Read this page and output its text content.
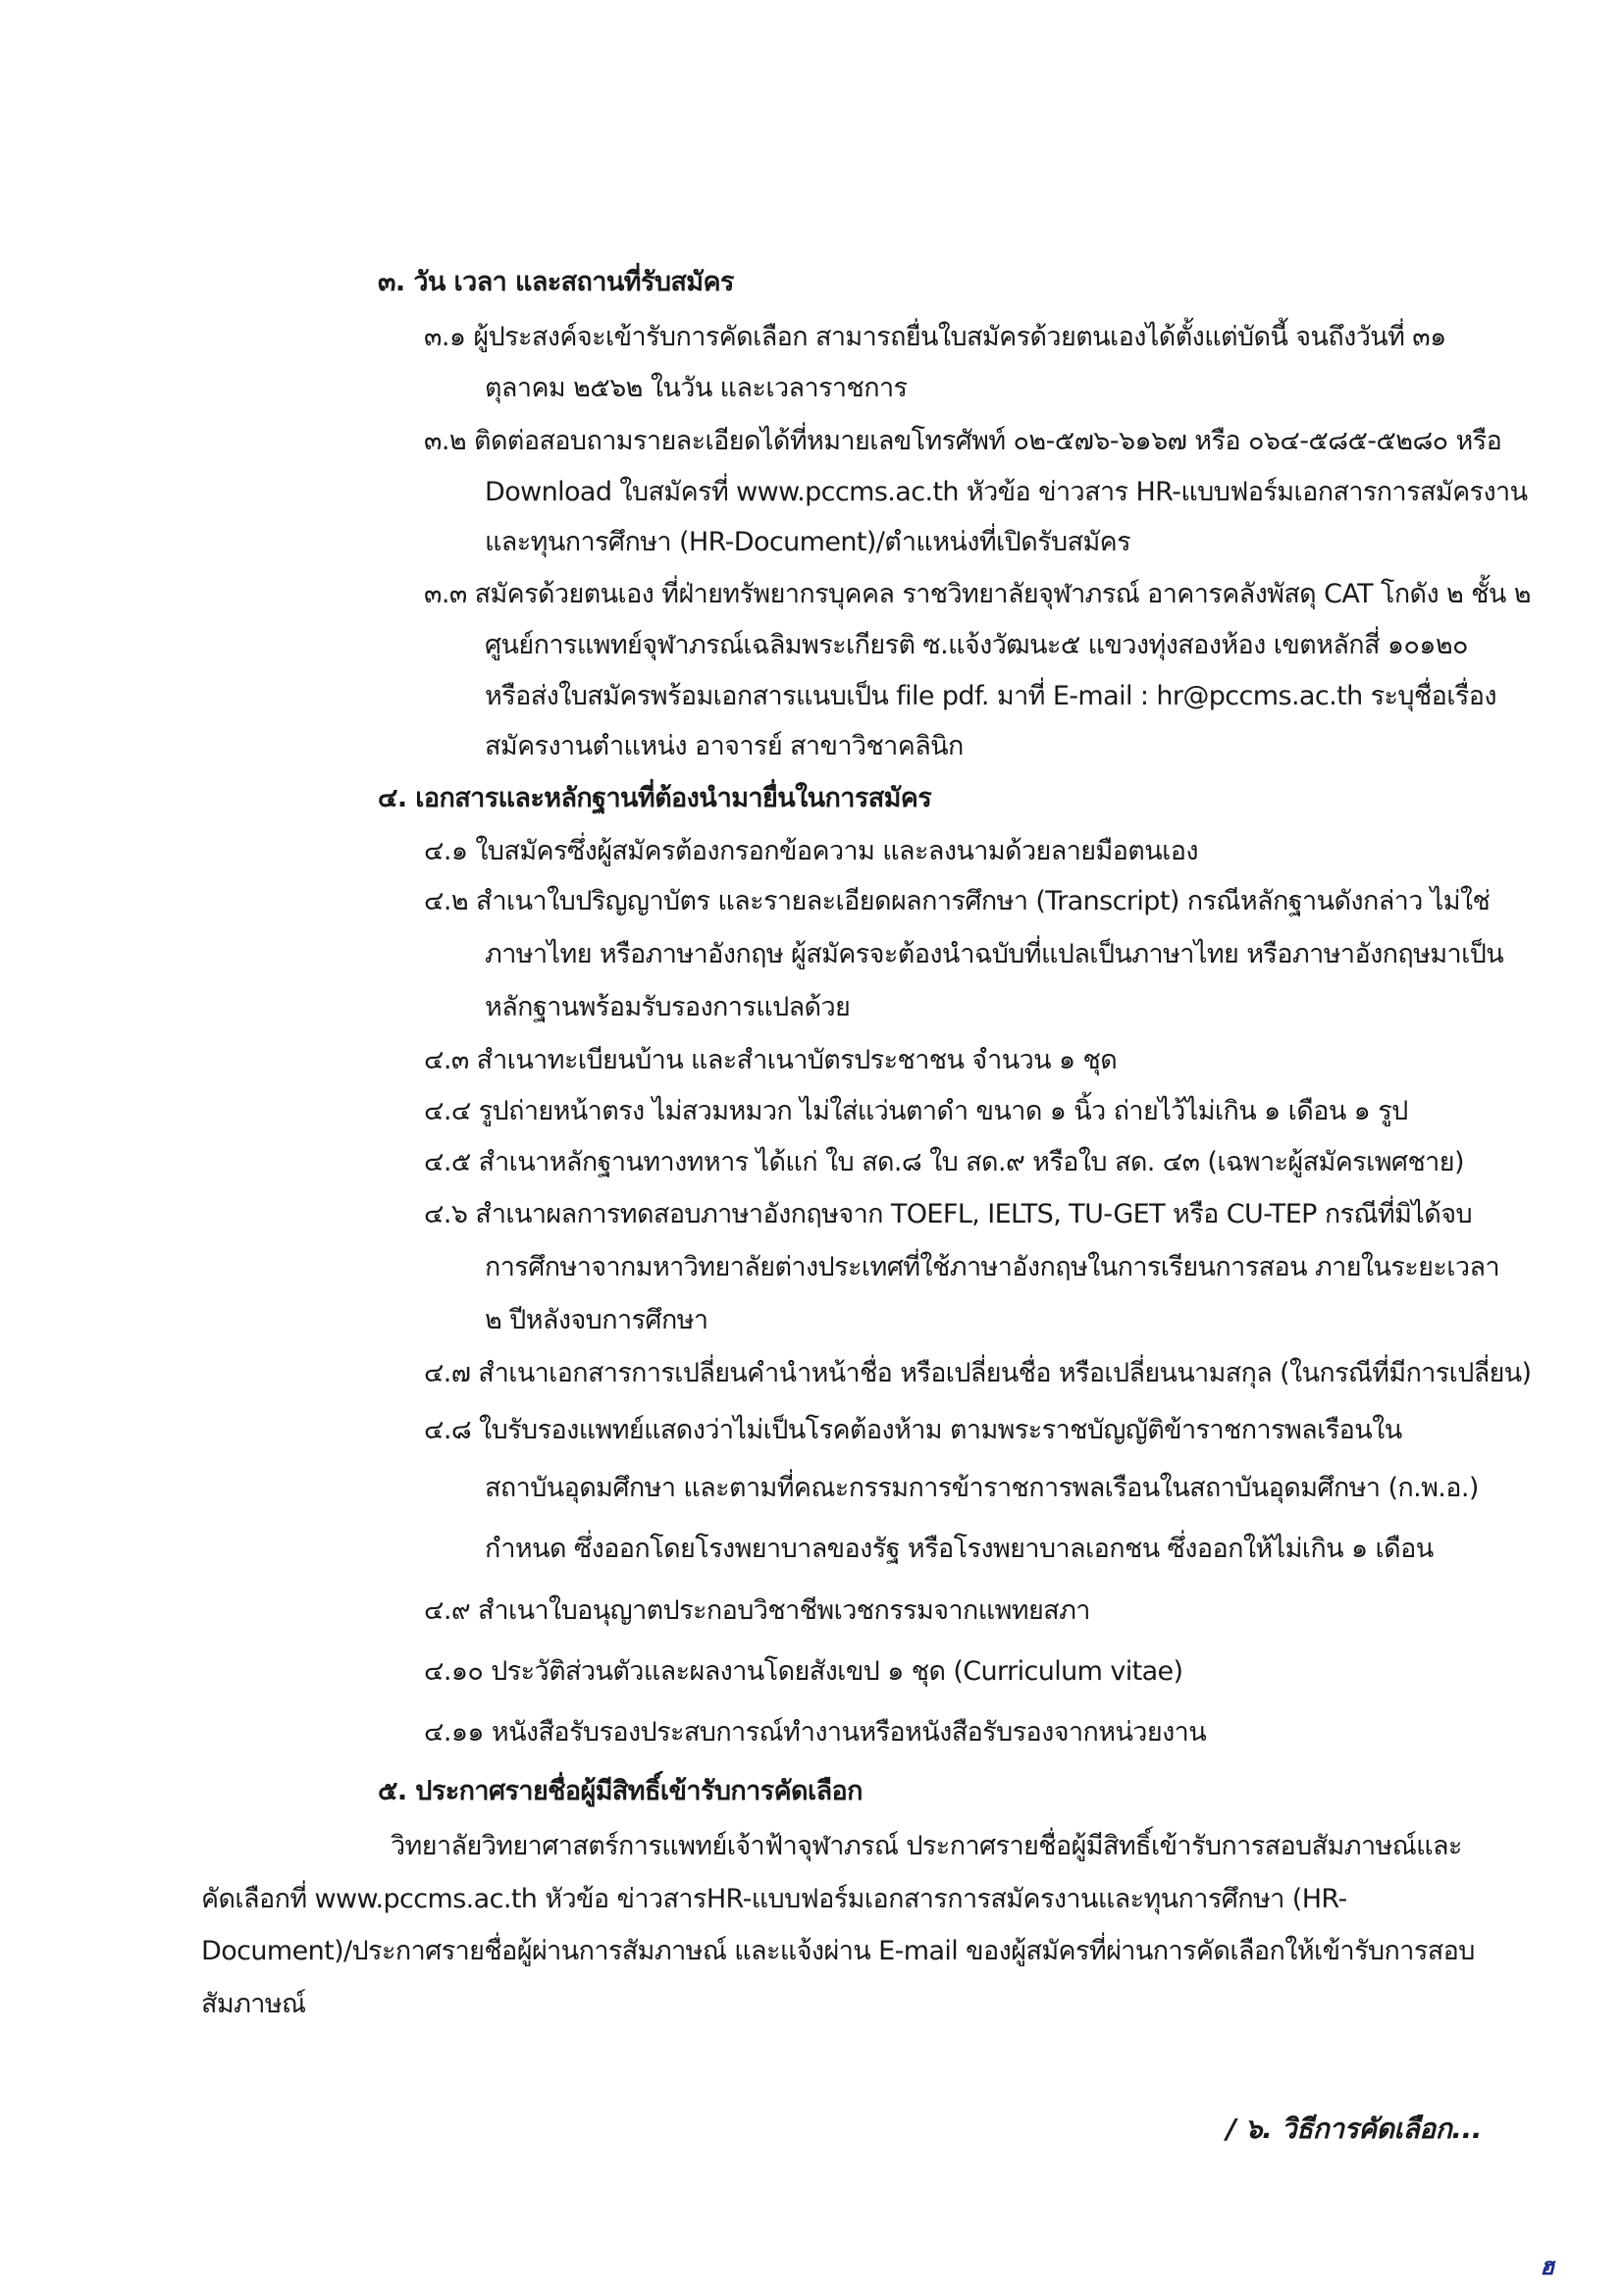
๓. วัน เวลา และสถานที่รับสมัคร
๓.๑ ผู้ประสงค์จะเข้ารับการคัดเลือก สามารถยื่นใบสมัครด้วยตนเองได้ตั้งแต่บัดนี้ จนถึงวันที่ ๓๑
ตุลาคม ๒๕๖๒ ในวัน และเวลาราชการ
๓.๒ ติดต่อสอบถามรายละเอียดได้ที่หมายเลขโทรศัพท์ ๐๒-๕๗๖-๖๑๖๗ หรือ ๐๖๔-๕๘๕-๕๒๘๐ หรือ
Download ใบสมัครที่ www.pccms.ac.th หัวข้อ ข่าวสาร HR-แบบฟอร์มเอกสารการสมัครงาน
และทุนการศึกษา (HR-Document)/ตำแหน่งที่เปิดรับสมัคร
๓.๓ สมัครด้วยตนเอง ที่ฝ่ายทรัพยากรบุคคล ราชวิทยาลัยจุฬาภรณ์ อาคารคลังพัสดุ CAT โกดัง ๒ ชั้น ๒
ศูนย์การแพทย์จุฬาภรณ์เฉลิมพระเกียรติ ซ.แจ้งวัฒนะ๕ แขวงทุ่งสองห้อง เขตหลักสี่ ๑๐๑๒๐
หรือส่งใบสมัครพร้อมเอกสารแนบเป็น file pdf. มาที่ E-mail : hr@pccms.ac.th ระบุชื่อเรื่อง
สมัครงานตำแหน่ง อาจารย์ สาขาวิชาคลินิก
๔. เอกสารและหลักฐานที่ต้องนำมายื่นในการสมัคร
๔.๑ ใบสมัครซึ่งผู้สมัครต้องกรอกข้อความ และลงนามด้วยลายมือตนเอง
๔.๒ สำเนาใบปริญญาบัตร และรายละเอียดผลการศึกษา (Transcript) กรณีหลักฐานดังกล่าว ไม่ใช่
ภาษาไทย หรือภาษาอังกฤษ ผู้สมัครจะต้องนำฉบับที่แปลเป็นภาษาไทย หรือภาษาอังกฤษมาเป็น
หลักฐานพร้อมรับรองการแปลด้วย
๔.๓ สำเนาทะเบียนบ้าน และสำเนาบัตรประชาชน จำนวน ๑ ชุด
๔.๔ รูปถ่ายหน้าตรง ไม่สวมหมวก ไม่ใส่แว่นตาดำ ขนาด ๑ นิ้ว ถ่ายไว้ไม่เกิน ๑ เดือน ๑ รูป
๔.๕ สำเนาหลักฐานทางทหาร ได้แก่ ใบ สด.๘ ใบ สด.๙ หรือใบ สด. ๔๓ (เฉพาะผู้สมัครเพศชาย)
๔.๖ สำเนาผลการทดสอบภาษาอังกฤษจาก TOEFL, IELTS, TU-GET หรือ CU-TEP กรณีที่มิได้จบ
การศึกษาจากมหาวิทยาลัยต่างประเทศที่ใช้ภาษาอังกฤษในการเรียนการสอน ภายในระยะเวลา
๒ ปีหลังจบการศึกษา
๔.๗ สำเนาเอกสารการเปลี่ยนคำนำหน้าชื่อ หรือเปลี่ยนชื่อ หรือเปลี่ยนนามสกุล (ในกรณีที่มีการเปลี่ยน)
๔.๘ ใบรับรองแพทย์แสดงว่าไม่เป็นโรคต้องห้าม ตามพระราชบัญญัติข้าราชการพลเรือนใน
สถาบันอุดมศึกษา และตามที่คณะกรรมการข้าราชการพลเรือนในสถาบันอุดมศึกษา (ก.พ.อ.)
กำหนด ซึ่งออกโดยโรงพยาบาลของรัฐ หรือโรงพยาบาลเอกชน ซึ่งออกให้ไม่เกิน ๑ เดือน
๔.๙ สำเนาใบอนุญาตประกอบวิชาชีพเวชกรรมจากแพทยสภา
๔.๑๐ ประวัติส่วนตัวและผลงานโดยสังเขป ๑ ชุด (Curriculum vitae)
๔.๑๑ หนังสือรับรองประสบการณ์ทำงานหรือหนังสือรับรองจากหน่วยงาน
๕. ประกาศรายชื่อผู้มีสิทธิ์เข้ารับการคัดเลือก
วิทยาลัยวิทยาศาสตร์การแพทย์เจ้าฟ้าจุฬาภรณ์ ประกาศรายชื่อผู้มีสิทธิ์เข้ารับการสอบสัมภาษณ์และ
คัดเลือกที่ www.pccms.ac.th หัวข้อ ข่าวสารHR-แบบฟอร์มเอกสารการสมัครงานและทุนการศึกษา (HR-
Document)/ประกาศรายชื่อผู้ผ่านการสัมภาษณ์ และแจ้งผ่าน E-mail ของผู้สมัครที่ผ่านการคัดเลือกให้เข้ารับการสอบ
สัมภาษณ์
/ ๖. วิธีการคัดเลือก...
ฮ
